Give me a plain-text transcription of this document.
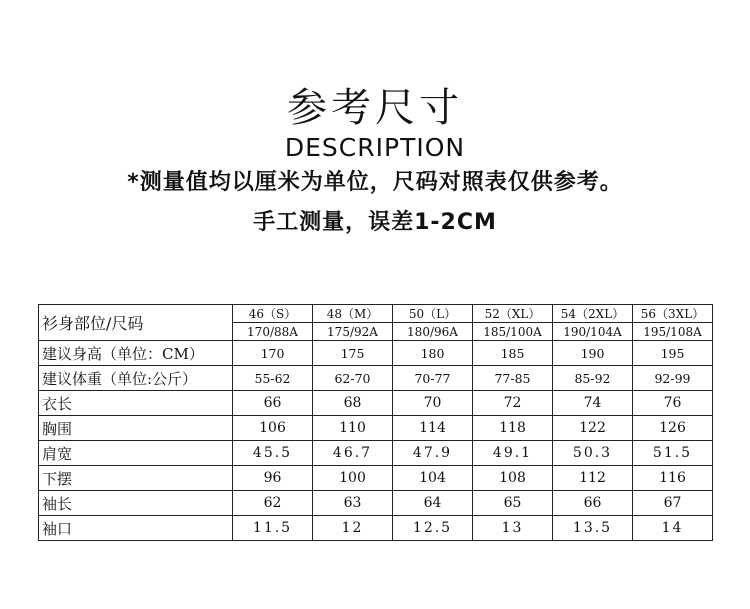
参考尺寸
DESCRIPTION
*测量值均以厘米为单位，尺码对照表仅供参考。
手工测量，误差1-2CM
衫身部位/尺码	46（S）	48（M）	50（L）	52（XL）	54（2XL）	56（3XL）
	170/88A	175/92A	180/96A	185/100A	190/104A	195/108A
建议身高（单位：CM）	170	175	180	185	190	195
建议体重（单位:公斤）	55-62	62-70	70-77	77-85	85-92	92-99
衣长	66	68	70	72	74	76
胸围	106	110	114	118	122	126
肩宽	45.5	46.7	47.9	49.1	50.3	51.5
下摆	96	100	104	108	112	116
袖长	62	63	64	65	66	67
袖口	11.5	12	12.5	13	13.5	14
